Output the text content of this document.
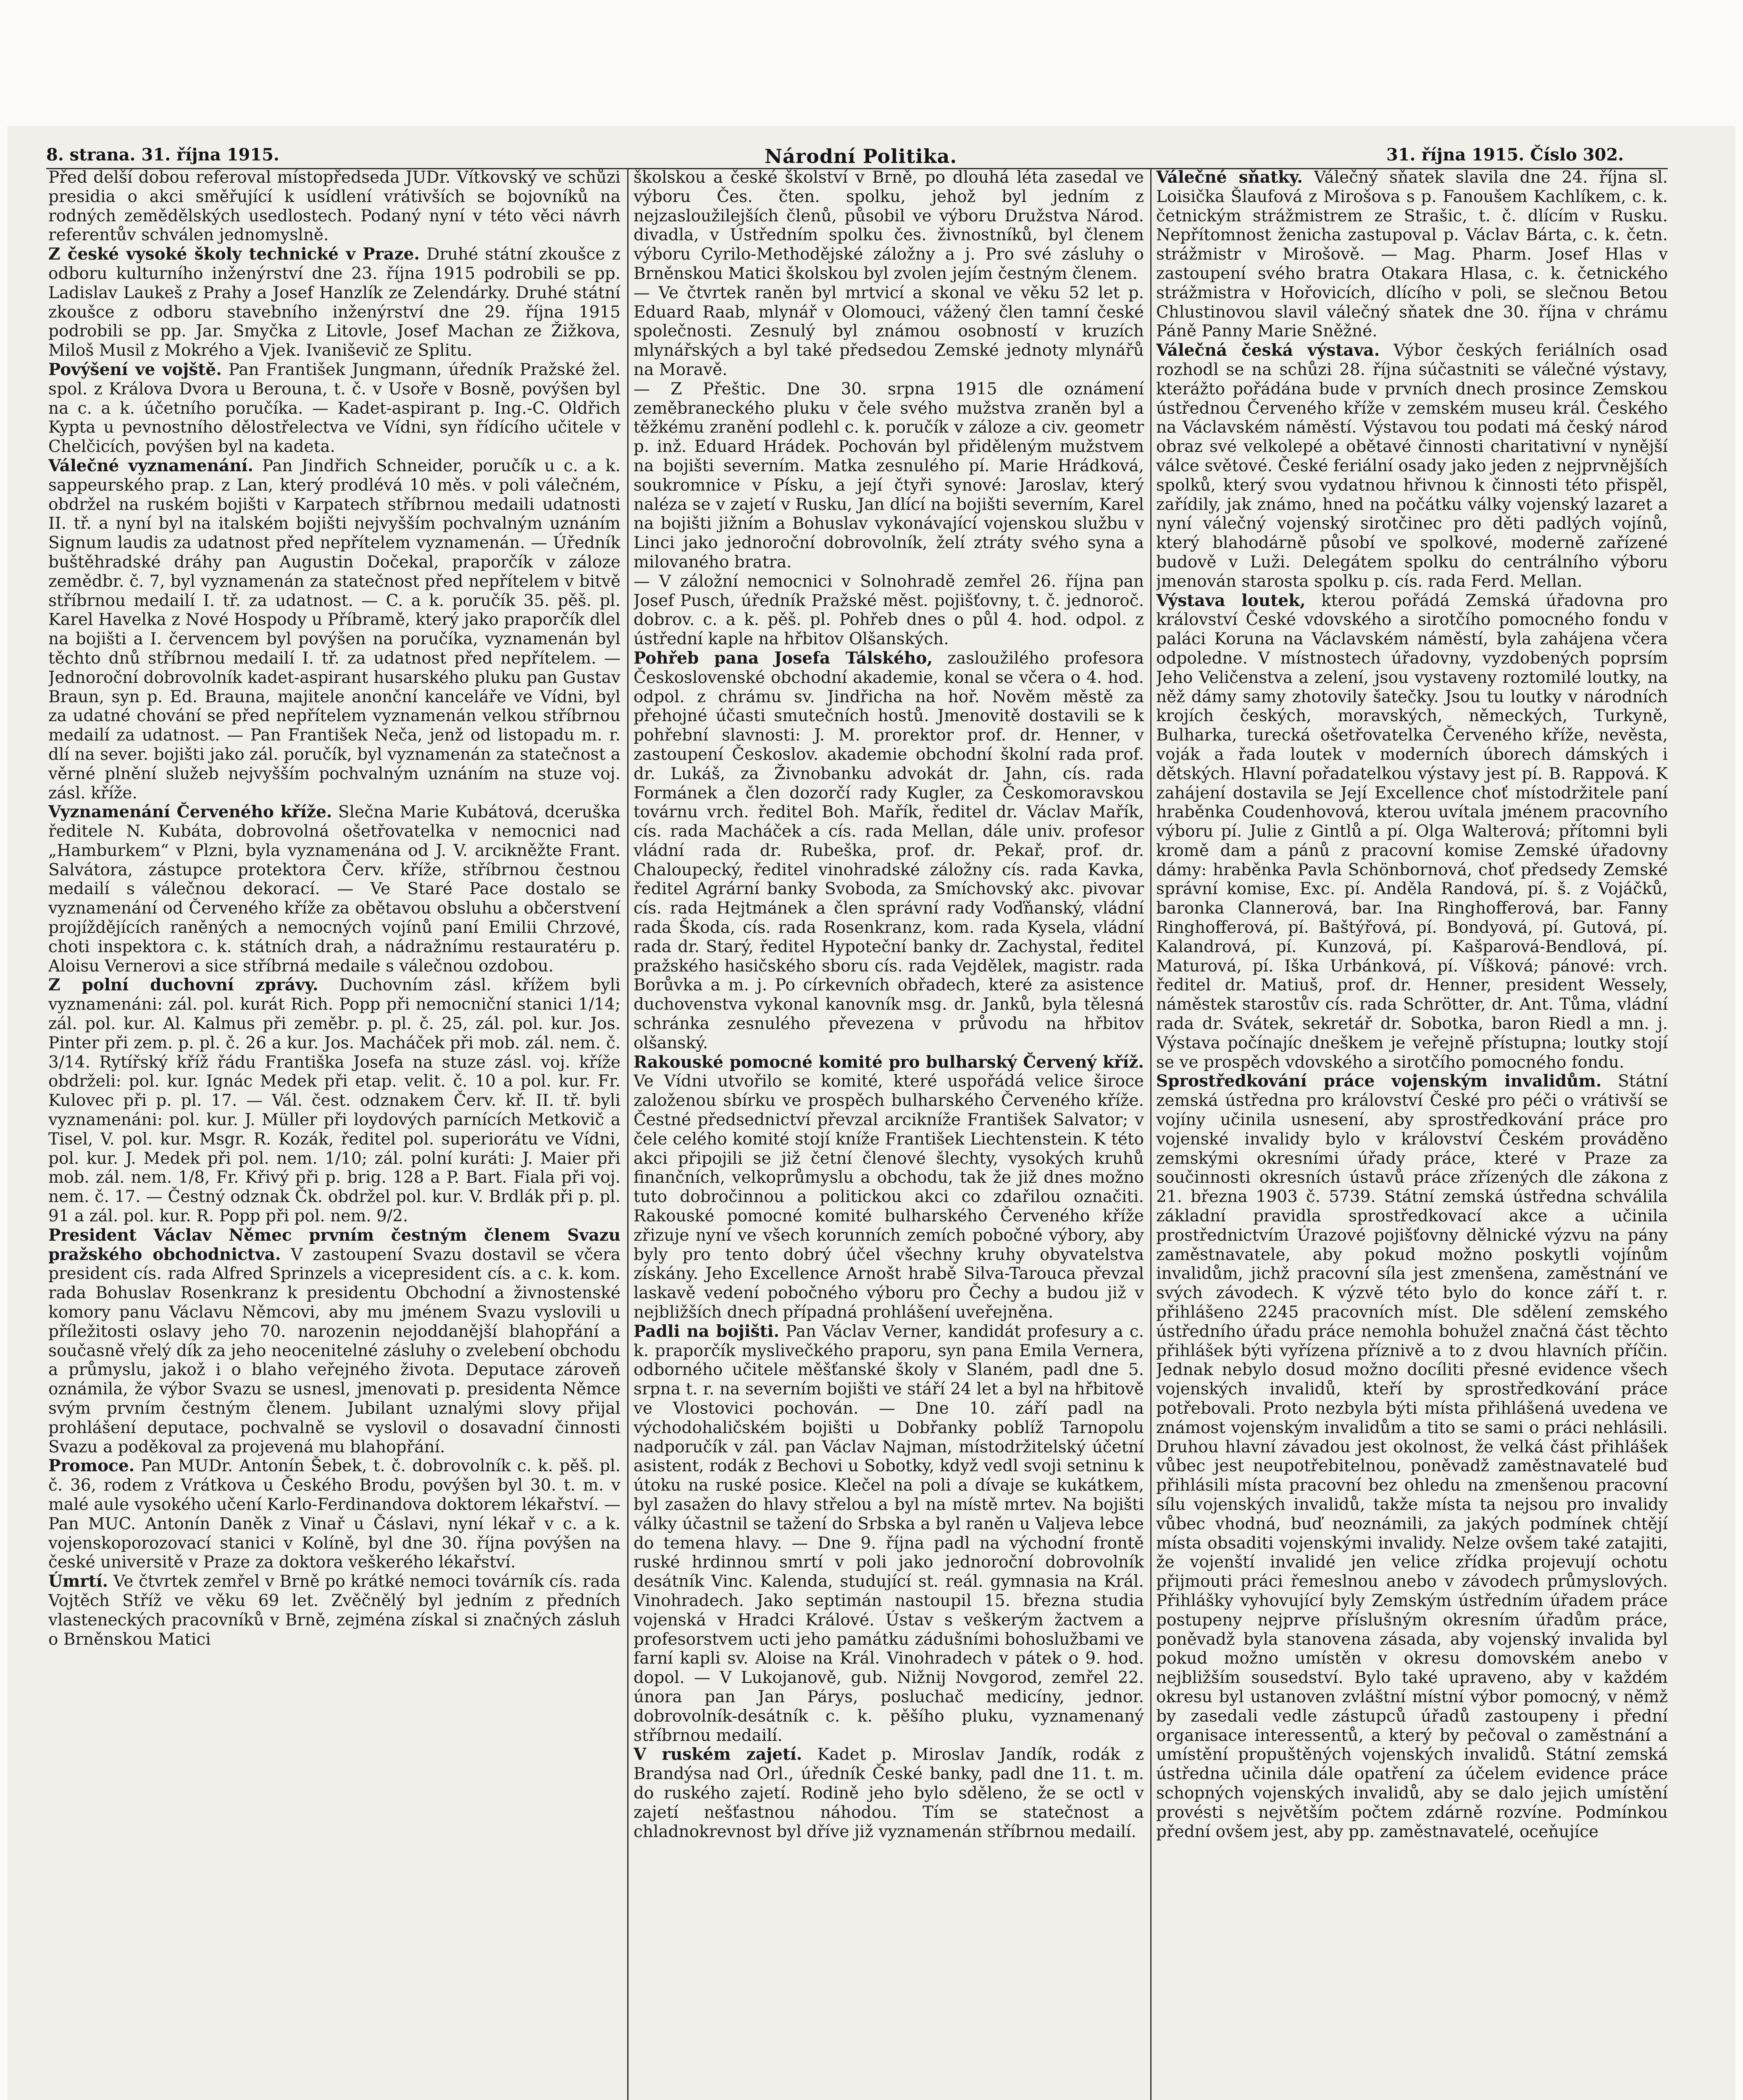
8. strana. 31. října 1915.	Národní Politika.	31. října 1915. Číslo 302.

Před delší dobou referoval místopředseda JUDr. Vítkovský ve schůzi presidia o akci směřující k usídlení vrátivších se bojovníků na rodných zemědělských usedlostech. Podaný nyní v této věci návrh referentův schválen jednomyslně.

Z české vysoké školy technické v Praze. Druhé státní zkoušce z odboru kulturního inženýrství dne 23. října 1915 podrobili se pp. Ladislav Laukeš z Prahy a Josef Hanzlík ze Zelendárky. Druhé státní zkoušce z odboru stavebního inženýrství dne 29. října 1915 podrobili se pp. Jar. Smyčka z Litovle, Josef Machan ze Žižkova, Miloš Musil z Mokrého a Vjek. Ivaniševič ze Splitu.

Povýšení ve vojště. Pan František Jungmann, úředník Pražské žel. spol. z Králova Dvora u Berouna, t. č. v Usoře v Bosně, povýšen byl na c. a k. účetního poručíka. — Kadet-aspirant p. Ing.-C. Oldřich Kypta u pevnostního dělostřelectva ve Vídni, syn řídícího učitele v Chelčicích, povýšen byl na kadeta.

Válečné vyznamenání. Pan Jindřich Schneider, poručík u c. a k. sappeurského prap. z Lan, který prodlévá 10 měs. v poli válečném, obdržel na ruském bojišti v Karpatech stříbrnou medaili udatnosti II. tř. a nyní byl na italském bojišti nejvyšším pochvalným uznáním Signum laudis za udatnost před nepřítelem vyznamenán. — Úředník buštěhradské dráhy pan Augustin Dočekal, praporčík v záloze zemědbr. č. 7, byl vyznamenán za statečnost před nepřítelem v bitvě stříbrnou medailí I. tř. za udatnost. — C. a k. poručík 35. pěš. pl. Karel Havelka z Nové Hospody u Příbramě, který jako praporčík dlel na bojišti a I. červencem byl povýšen na poručíka, vyznamenán byl těchto dnů stříbrnou medailí I. tř. za udatnost před nepřítelem. — Jednoroční dobrovolník kadet-aspirant husarského pluku pan Gustav Braun, syn p. Ed. Brauna, majitele anonční kanceláře ve Vídni, byl za udatné chování se před nepřítelem vyznamenán velkou stříbrnou medailí za udatnost. — Pan František Neča, jenž od listopadu m. r. dlí na sever. bojišti jako zál. poručík, byl vyznamenán za statečnost a věrné plnění služeb nejvyšším pochvalným uznáním na stuze voj. zásl. kříže.

Vyznamenání Červeného kříže. Slečna Marie Kubátová, dceruška ředitele N. Kubáta, dobrovolná ošetřovatelka v nemocnici nad „Hamburkem“ v Plzni, byla vyznamenána od J. V. arcikněžte Frant. Salvátora, zástupce protektora Červ. kříže, stříbrnou čestnou medailí s válečnou dekorací. — Ve Staré Pace dostalo se vyznamenání od Červeného kříže za obětavou obsluhu a občerstvení projíždějících raněných a nemocných vojínů paní Emilii Chrzové, choti inspektora c. k. státních drah, a nádražnímu restauratéru p. Aloisu Vernerovi a sice stříbrná medaile s válečnou ozdobou.

Z polní duchovní zprávy. Duchovním zásl. křížem byli vyznamenáni: zál. pol. kurát Rich. Popp při nemocniční stanici 1/14; zál. pol. kur. Al. Kalmus při zeměbr. p. pl. č. 25, zál. pol. kur. Jos. Pinter při zem. p. pl. č. 26 a kur. Jos. Macháček při mob. zál. nem. č. 3/14. Rytířský kříž řádu Františka Josefa na stuze zásl. voj. kříže obdrželi: pol. kur. Ignác Medek při etap. velit. č. 10 a pol. kur. Fr. Kulovec při p. pl. 17. — Vál. čest. odznakem Červ. kř. II. tř. byli vyznamenáni: pol. kur. J. Müller při loydových parnících Metkovič a Tisel, V. pol. kur. Msgr. R. Kozák, ředitel pol. superiorátu ve Vídni, pol. kur. J. Medek při pol. nem. 1/10; zál. polní kuráti: J. Maier při mob. zál. nem. 1/8, Fr. Křivý při p. brig. 128 a P. Bart. Fiala při voj. nem. č. 17. — Čestný odznak Čk. obdržel pol. kur. V. Brdlák při p. pl. 91 a zál. pol. kur. R. Popp při pol. nem. 9/2.

President Václav Němec prvním čestným členem Svazu pražského obchodnictva. V zastoupení Svazu dostavil se včera president cís. rada Alfred Sprinzels a vicepresident cís. a c. k. kom. rada Bohuslav Rosenkranz k presidentu Obchodní a živnostenské komory panu Václavu Němcovi, aby mu jménem Svazu vyslovili u příležitosti oslavy jeho 70. narozenin nejoddanější blahopřání a současně vřelý dík za jeho neocenitelné zásluhy o zvelebení obchodu a průmyslu, jakož i o blaho veřejného života. Deputace zároveň oznámila, že výbor Svazu se usnesl, jmenovati p. presidenta Němce svým prvním čestným členem. Jubilant uznalými slovy přijal prohlášení deputace, pochvalně se vyslovil o dosavadní činnosti Svazu a poděkoval za projevená mu blahopřání.

Promoce. Pan MUDr. Antonín Šebek, t. č. dobrovolník c. k. pěš. pl. č. 36, rodem z Vrátkova u Českého Brodu, povýšen byl 30. t. m. v malé aule vysokého učení Karlo-Ferdinandova doktorem lékařství. — Pan MUC. Antonín Daněk z Vinař u Čáslavi, nyní lékař v c. a k. vojenskoporozovací stanici v Kolíně, byl dne 30. října povýšen na české universitě v Praze za doktora veškerého lékařství.

Úmrtí. Ve čtvrtek zemřel v Brně po krátké nemoci továrník cís. rada Vojtěch Stříž ve věku 69 let. Zvěčnělý byl jedním z předních vlasteneckých pracovníků v Brně, zejména získal si značných zásluh o Brněnskou Matici

školskou a české školství v Brně, po dlouhá léta zasedal ve výboru Čes. čten. spolku, jehož byl jedním z nejzasloužilejších členů, působil ve výboru Družstva Národ. divadla, v Ústředním spolku čes. živnostníků, byl členem výboru Cyrilo-Methodějské záložny a j. Pro své zásluhy o Brněnskou Matici školskou byl zvolen jejím čestným členem.

— Ve čtvrtek raněn byl mrtvicí a skonal ve věku 52 let p. Eduard Raab, mlynář v Olomouci, vážený člen tamní české společnosti. Zesnulý byl známou osobností v kruzích mlynářských a byl také předsedou Zemské jednoty mlynářů na Moravě.

— Z Přeštic. Dne 30. srpna 1915 dle oznámení zeměbraneckého pluku v čele svého mužstva zraněn byl a těžkému zranění podlehl c. k. poručík v záloze a civ. geometr p. inž. Eduard Hrádek. Pochován byl přiděleným mužstvem na bojišti severním. Matka zesnulého pí. Marie Hrádková, soukromnice v Písku, a její čtyři synové: Jaroslav, který naléza se v zajetí v Rusku, Jan dlící na bojišti severním, Karel na bojišti jižním a Bohuslav vykonávající vojenskou službu v Linci jako jednoroční dobrovolník, želí ztráty svého syna a milovaného bratra.

— V záložní nemocnici v Solnohradě zemřel 26. října pan Josef Pusch, úředník Pražské měst. pojišťovny, t. č. jednoroč. dobrov. c. a k. pěš. pl. Pohřeb dnes o půl 4. hod. odpol. z ústřední kaple na hřbitov Olšanských.

Pohřeb pana Josefa Tálského, zasloužilého profesora Československé obchodní akademie, konal se včera o 4. hod. odpol. z chrámu sv. Jindřicha na hoř. Nověm městě za přehojné účasti smutečních hostů. Jmenovitě dostavili se k pohřební slavnosti: J. M. prorektor prof. dr. Henner, v zastoupení Českoslov. akademie obchodní školní rada prof. dr. Lukáš, za Živnobanku advokát dr. Jahn, cís. rada Formánek a člen dozorčí rady Kugler, za Českomoravskou továrnu vrch. ředitel Boh. Mařík, ředitel dr. Václav Mařík, cís. rada Macháček a cís. rada Mellan, dále univ. profesor vládní rada dr. Rubeška, prof. dr. Pekař, prof. dr. Chaloupecký, ředitel vinohradské záložny cís. rada Kavka, ředitel Agrární banky Svoboda, za Smíchovský akc. pivovar cís. rada Hejtmánek a člen správní rady Voďňanský, vládní rada Škoda, cís. rada Rosenkranz, kom. rada Kysela, vládní rada dr. Starý, ředitel Hypoteční banky dr. Zachystal, ředitel pražského hasičského sboru cís. rada Vejdělek, magistr. rada Borůvka a m. j. Po církevních obřadech, které za asistence duchovenstva vykonal kanovník msg. dr. Janků, byla tělesná schránka zesnulého převezena v průvodu na hřbitov olšanský.

Rakouské pomocné komité pro bulharský Červený kříž. Ve Vídni utvořilo se komité, které uspořádá velice široce založenou sbírku ve prospěch bulharského Červeného kříže. Čestné předsednictví převzal arcikníže František Salvator; v čele celého komité stojí kníže František Liechtenstein. K této akci připojili se již četní členové šlechty, vysokých kruhů finančních, velkoprůmyslu a obchodu, tak že již dnes možno tuto dobročinnou a politickou akci co zdařilou označiti. Rakouské pomocné komité bulharského Červeného kříže zřizuje nyní ve všech korunních zemích pobočné výbory, aby byly pro tento dobrý účel všechny kruhy obyvatelstva získány. Jeho Excellence Arnošt hrabě Silva-Tarouca převzal laskavě vedení pobočného výboru pro Čechy a budou již v nejbližších dnech případná prohlášení uveřejněna.

Padli na bojišti. Pan Václav Verner, kandidát profesury a c. k. praporčík myslivečkého praporu, syn pana Emila Vernera, odborného učitele měšťanské školy v Slaném, padl dne 5. srpna t. r. na severním bojišti ve stáří 24 let a byl na hřbitově ve Vlostovici pochován. — Dne 10. září padl na východohaličském bojišti u Dobřanky poblíž Tarnopolu nadporučík v zál. pan Václav Najman, místodržitelský účetní asistent, rodák z Bechovi u Sobotky, když vedl svoji setninu k útoku na ruské posice. Klečel na poli a dívaje se kukátkem, byl zasažen do hlavy střelou a byl na místě mrtev. Na bojišti války účastnil se tažení do Srbska a byl raněn u Valjeva lebce do temena hlavy. — Dne 9. října padl na východní frontě ruské hrdinnou smrtí v poli jako jednoroční dobrovolník desátník Vinc. Kalenda, studující st. reál. gymnasia na Král. Vinohradech. Jako septimán nastoupil 15. března studia vojenská v Hradci Králové. Ústav s veškerým žactvem a profesorstvem ucti jeho památku zádušními bohoslužbami ve farní kapli sv. Aloise na Král. Vinohradech v pátek o 9. hod. dopol. — V Lukojanově, gub. Nižnij Novgorod, zemřel 22. února pan Jan Párys, posluchač medicíny, jednor. dobrovolník-desátník c. k. pěšího pluku, vyznamenaný stříbrnou medailí.

V ruském zajetí. Kadet p. Miroslav Jandík, rodák z Brandýsa nad Orl., úředník České banky, padl dne 11. t. m. do ruského zajetí. Rodině jeho bylo sděleno, že se octl v zajetí nešťastnou náhodou. Tím se statečnost a chladnokrevnost byl dříve již vyznamenán stříbrnou medailí.

Válečné sňatky. Válečný sňatek slavila dne 24. října sl. Loisička Šlaufová z Mirošova s p. Fanoušem Kachlíkem, c. k. četnickým strážmistrem ze Strašic, t. č. dlícím v Rusku. Nepřítomnost ženicha zastupoval p. Václav Bárta, c. k. četn. strážmistr v Mirošově. — Mag. Pharm. Josef Hlas v zastoupení svého bratra Otakara Hlasa, c. k. četnického strážmistra v Hořovicích, dlícího v poli, se slečnou Betou Chlustinovou slavil válečný sňatek dne 30. října v chrámu Páně Panny Marie Sněžné.

Válečná česká výstava. Výbor českých feriálních osad rozhodl se na schůzi 28. října súčastniti se válečné výstavy, kterážto pořádána bude v prvních dnech prosince Zemskou ústřednou Červeného kříže v zemském museu král. Českého na Václavském náměstí. Výstavou tou podati má český národ obraz své velkolepé a obětavé činnosti charitativní v nynější válce světové. České feriální osady jako jeden z nejprvnějších spolků, který svou vydatnou hřivnou k činnosti této přispěl, zařídily, jak známo, hned na počátku války vojenský lazaret a nyní válečný vojenský sirotčinec pro děti padlých vojínů, který blahodárně působí ve spolkové, moderně zařízené budově v Luži. Delegátem spolku do centrálního výboru jmenován starosta spolku p. cís. rada Ferd. Mellan.

Výstava loutek, kterou pořádá Zemská úřadovna pro království České vdovského a sirotčího pomocného fondu v paláci Koruna na Václavském náměstí, byla zahájena včera odpoledne. V místnostech úřadovny, vyzdobených poprsím Jeho Veličenstva a zelení, jsou vystaveny roztomilé loutky, na něž dámy samy zhotovily šatečky. Jsou tu loutky v národních krojích českých, moravských, německých, Turkyně, Bulharka, turecká ošetřovatelka Červeného kříže, nevěsta, voják a řada loutek v moderních úborech dámských i dětských. Hlavní pořadatelkou výstavy jest pí. B. Rappová. K zahájení dostavila se Její Excellence choť místodržitele paní hraběnka Coudenhovová, kterou uvítala jménem pracovního výboru pí. Julie z Gintlů a pí. Olga Walterová; přítomni byli kromě dam a pánů z pracovní komise Zemské úřadovny dámy: hraběnka Pavla Schönbornová, choť předsedy Zemské správní komise, Exc. pí. Anděla Randová, pí. š. z Vojáčků, baronka Clannerová, bar. Ina Ringhofferová, bar. Fanny Ringhofferová, pí. Baštýřová, pí. Bondyová, pí. Gutová, pí. Kalandrová, pí. Kunzová, pí. Kašparová-Bendlová, pí. Maturová, pí. Iška Urbánková, pí. Víšková; pánové: vrch. ředitel dr. Matiuš, prof. dr. Henner, president Wessely, náměstek starostův cís. rada Schrötter, dr. Ant. Tůma, vládní rada dr. Svátek, sekretář dr. Sobotka, baron Riedl a mn. j. Výstava počínajíc dneškem je veřejně přístupna; loutky stojí se ve prospěch vdovského a sirotčího pomocného fondu.

Sprostředkování práce vojenským invalidům. Státní zemská ústředna pro království České pro péči o vrátivší se vojíny učinila usnesení, aby sprostředkování práce pro vojenské invalidy bylo v království Českém prováděno zemskými okresními úřady práce, které v Praze za součinnosti okresních ústavů práce zřízených dle zákona z 21. března 1903 č. 5739. Státní zemská ústředna schválila základní pravidla sprostředkovací akce a učinila prostřednictvím Úrazové pojišťovny dělnické výzvu na pány zaměstnavatele, aby pokud možno poskytli vojínům invalidům, jichž pracovní síla jest zmenšena, zaměstnání ve svých závodech. K výzvě této bylo do konce září t. r. přihlášeno 2245 pracovních míst. Dle sdělení zemského ústředního úřadu práce nemohla bohužel značná část těchto přihlášek býti vyřízena příznivě a to z dvou hlavních příčin. Jednak nebylo dosud možno docíliti přesné evidence všech vojenských invalidů, kteří by sprostředkování práce potřebovali. Proto nezbyla býti místa přihlášená uvedena ve známost vojenským invalidům a tito se sami o práci nehlásili. Druhou hlavní závadou jest okolnost, že velká část přihlášek vůbec jest neupotřebitelnou, poněvadž zaměstnavatelé buď přihlásili místa pracovní bez ohledu na zmenšenou pracovní sílu vojenských invalidů, takže místa ta nejsou pro invalidy vůbec vhodná, buď neoznámili, za jakých podmínek chtějí místa obsaditi vojenskými invalidy. Nelze ovšem také zatajiti, že vojenští invalidé jen velice zřídka projevují ochotu přijmouti práci řemeslnou anebo v závodech průmyslových. Přihlášky vyhovující byly Zemským ústředním úřadem práce postupeny nejprve příslušným okresním úřadům práce, poněvadž byla stanovena zásada, aby vojenský invalida byl pokud možno umístěn v okresu domovském anebo v nejbližším sousedství. Bylo také upraveno, aby v každém okresu byl ustanoven zvláštní místní výbor pomocný, v němž by zasedali vedle zástupců úřadů zastoupeny i přední organisace interessentů, a který by pečoval o zaměstnání a umístění propuštěných vojenských invalidů. Státní zemská ústředna učinila dále opatření za účelem evidence práce schopných vojenských invalidů, aby se dalo jejich umístění provésti s největším počtem zdárně rozvíne. Podmínkou přední ovšem jest, aby pp. zaměstnavatelé, oceňujíce
